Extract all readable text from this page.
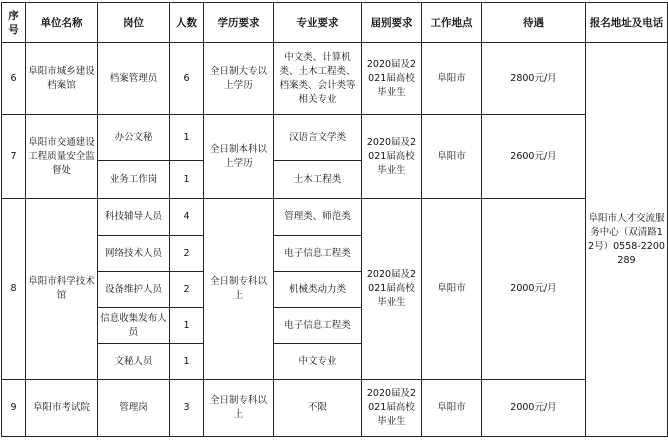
序号	单位名称	岗位	人数	学历要求	专业要求	届别要求	工作地点	待遇	报名地址及电话	
6	阜阳市城乡建设档案馆	档案管理员	6	全日制大专以上学历	中文类、计算机类、土木工程类、档案类、会计类等相关专业	2020届及2021届高校毕业生	阜阳市	2800元/月	阜阳市人才交流服务中心（双清路12号）0558-2200289	
7	阜阳市交通建设工程质量安全监督处	办公文秘	1	全日制本科以上学历	汉语言文学类	2020届及2021届高校毕业生	阜阳市	2600元/月		
		业务工作岗	1		土木工程类					
8	阜阳市科学技术馆	科技辅导人员	4	全日制专科以上	管理类、师范类	2020届及2021届高校毕业生	阜阳市	2000元/月		
		网络技术人员	2		电子信息工程类					
		设备维护人员	2		机械类动力类					
		信息收集发布人员	1		电子信息工程类					
		文秘人员	1		中文专业					
9	阜阳市考试院	管理岗	3	全日制专科以上	不限	2020届及2021届高校毕业生	阜阳市	2000元/月		
